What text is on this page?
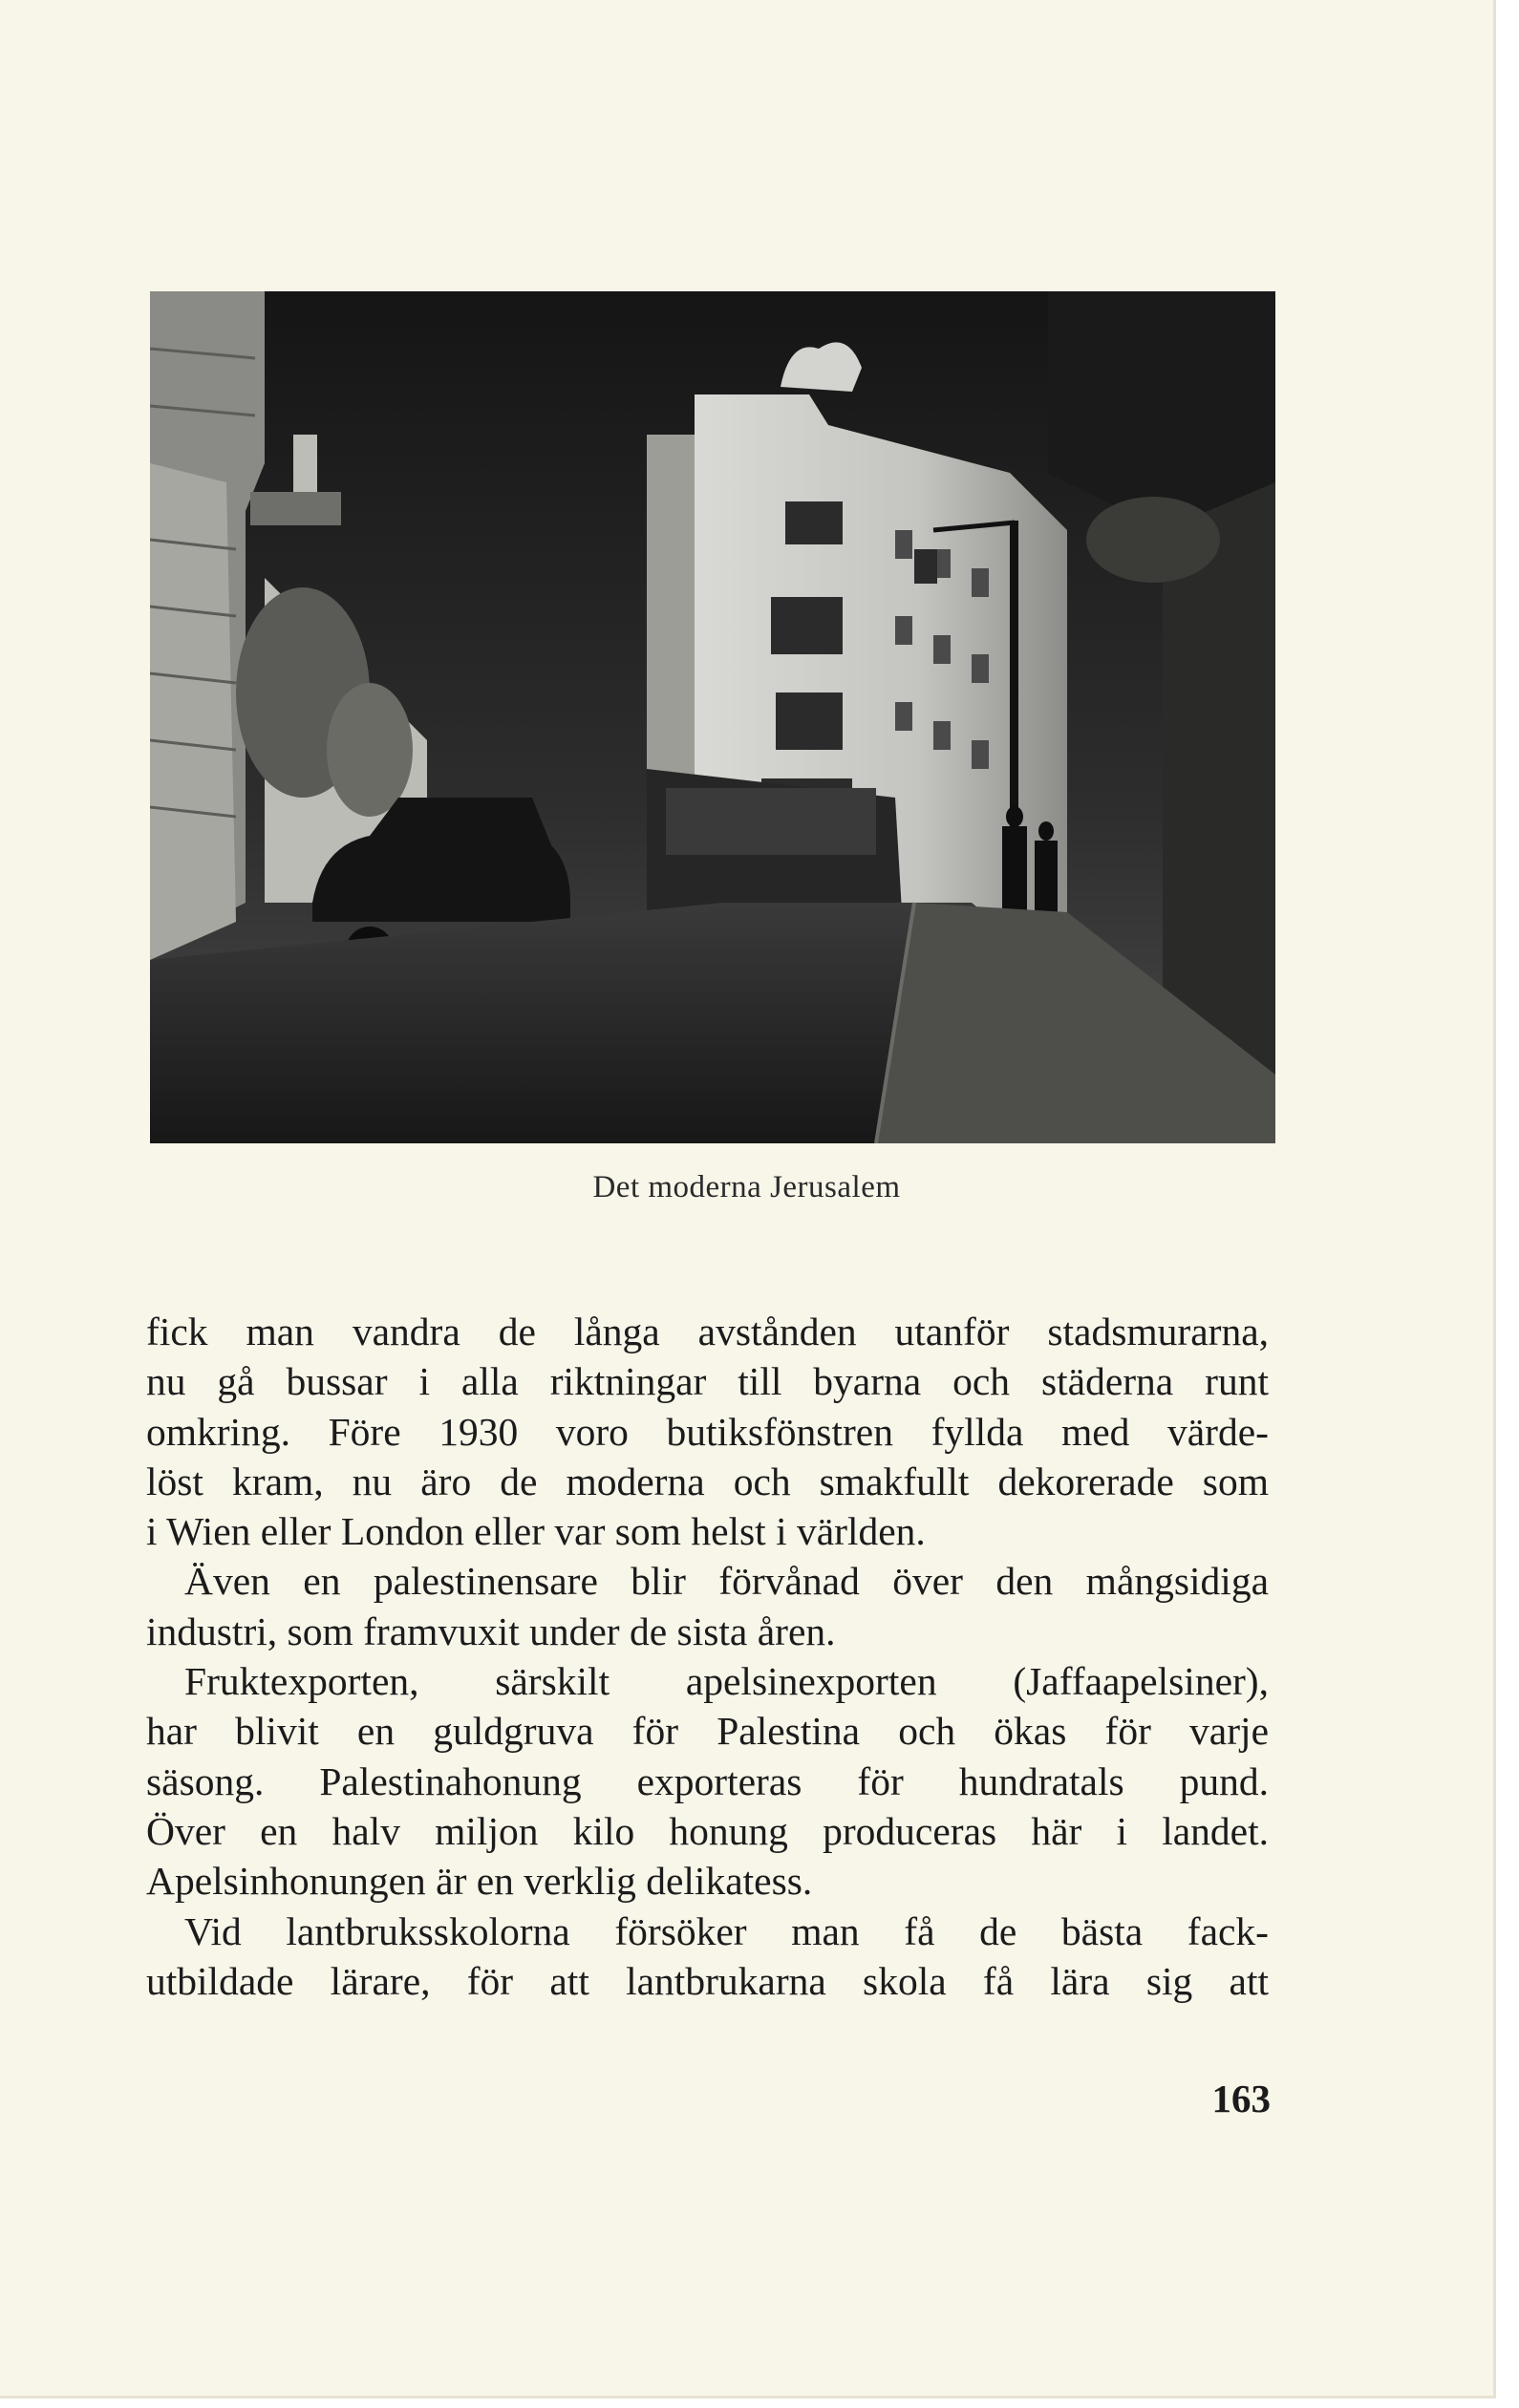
Det moderna Jerusalem

fick man vandra de långa avstånden utanför stadsmurarna,

nu gå bussar i alla riktningar till byarna och städerna runt

omkring. Före 1930 voro butiksfönstren fyllda med värde-

löst kram, nu äro de moderna och smakfullt dekorerade som

i Wien eller London eller var som helst i världen.

Även en palestinensare blir förvånad över den mångsidiga

industri, som framvuxit under de sista åren.

Fruktexporten, särskilt apelsinexporten (Jaffaapelsiner),

har blivit en guldgruva för Palestina och ökas för varje

säsong. Palestinahonung exporteras för hundratals pund.

Över en halv miljon kilo honung produceras här i landet.

Apelsinhonungen är en verklig delikatess.

Vid lantbruksskolorna försöker man få de bästa fack-

utbildade lärare, för att lantbrukarna skola få lära sig att

163
